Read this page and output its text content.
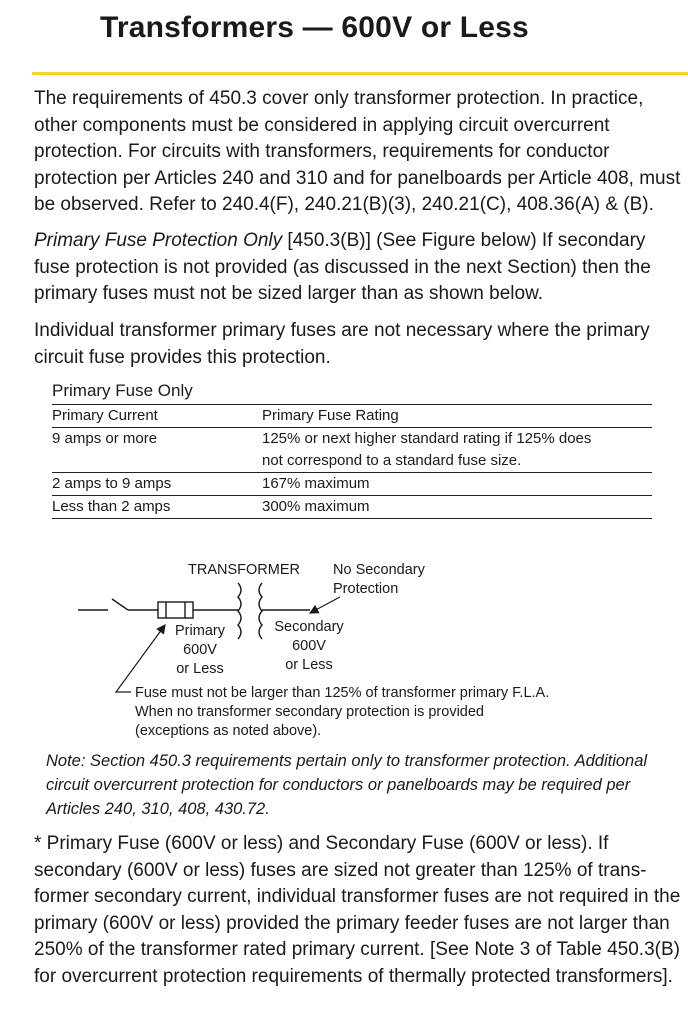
Transformers — 600V or Less

The requirements of 450.3 cover only transformer protection. In practice, other components must be considered in applying circuit overcurrent protection. For circuits with transformers, requirements for conductor protection per Articles 240 and 310 and for panelboards per Article 408, must be observed. Refer to 240.4(F), 240.21(B)(3), 240.21(C), 408.36(A) & (B).

Primary Fuse Protection Only [450.3(B)] (See Figure below) If secondary fuse protection is not provided (as discussed in the next Section) then the primary fuses must not be sized larger than as shown below.

Individual transformer primary fuses are not necessary where the primary circuit fuse provides this protection.

Primary Fuse Only
Primary Current	Primary Fuse Rating
9 amps or more	125% or next higher standard rating if 125% does not correspond to a standard fuse size.
2 amps to 9 amps	167% maximum
Less than 2 amps	300% maximum
TRANSFORMER No Secondary
Protection
Primary
600V
or Less
Secondary
600V
or Less
Fuse must not be larger than 125% of transformer primary F.L.A.
When no transformer secondary protection is provided
(exceptions as noted above).

Note: Section 450.3 requirements pertain only to transformer protection. Additional circuit overcurrent protection for conductors or panelboards may be required per Articles 240, 310, 408, 430.72.

* Primary Fuse (600V or less) and Secondary Fuse (600V or less). If secondary (600V or less) fuses are sized not greater than 125% of trans-former secondary current, individual transformer fuses are not required in the primary (600V or less) provided the primary feeder fuses are not larger than 250% of the transformer rated primary current. [See Note 3 of Table 450.3(B) for overcurrent protection requirements of thermally protected transformers].
